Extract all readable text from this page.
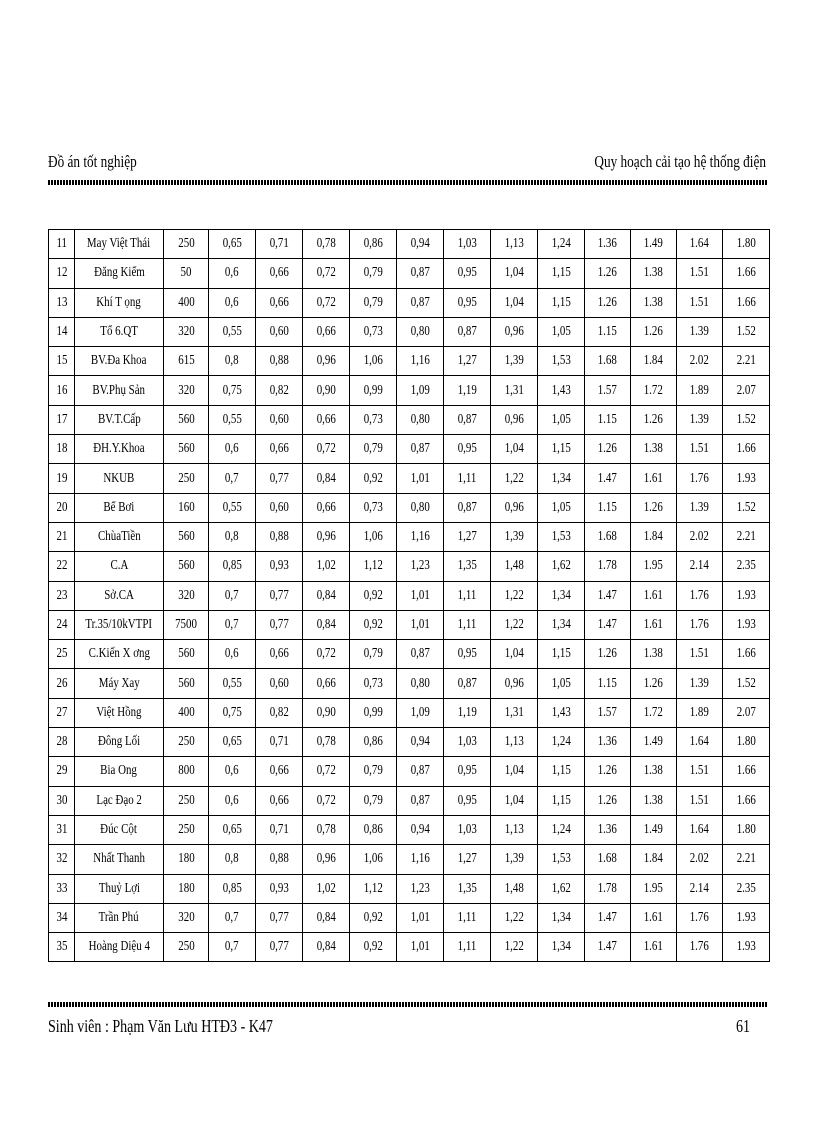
Đồ án tốt nghiệp	Quy hoạch cải tạo hệ thống điện
11	May Việt Thái	250	0,65	0,71	0,78	0,86	0,94	1,03	1,13	1,24	1.36	1.49	1.64	1.80
12	Đăng Kiểm	50	0,6	0,66	0,72	0,79	0,87	0,95	1,04	1,15	1.26	1.38	1.51	1.66
13	Khí T ọng	400	0,6	0,66	0,72	0,79	0,87	0,95	1,04	1,15	1.26	1.38	1.51	1.66
14	Tổ 6.QT	320	0,55	0,60	0,66	0,73	0,80	0,87	0,96	1,05	1.15	1.26	1.39	1.52
15	BV.Đa Khoa	615	0,8	0,88	0,96	1,06	1,16	1,27	1,39	1,53	1.68	1.84	2.02	2.21
16	BV.Phụ Sản	320	0,75	0,82	0,90	0,99	1,09	1,19	1,31	1,43	1.57	1.72	1.89	2.07
17	BV.T.Cấp	560	0,55	0,60	0,66	0,73	0,80	0,87	0,96	1,05	1.15	1.26	1.39	1.52
18	ĐH.Y.Khoa	560	0,6	0,66	0,72	0,79	0,87	0,95	1,04	1,15	1.26	1.38	1.51	1.66
19	NKUB	250	0,7	0,77	0,84	0,92	1,01	1,11	1,22	1,34	1.47	1.61	1.76	1.93
20	Bể Bơi	160	0,55	0,60	0,66	0,73	0,80	0,87	0,96	1,05	1.15	1.26	1.39	1.52
21	ChùaTiền	560	0,8	0,88	0,96	1,06	1,16	1,27	1,39	1,53	1.68	1.84	2.02	2.21
22	C.A	560	0,85	0,93	1,02	1,12	1,23	1,35	1,48	1,62	1.78	1.95	2.14	2.35
23	Sở.CA	320	0,7	0,77	0,84	0,92	1,01	1,11	1,22	1,34	1.47	1.61	1.76	1.93
24	Tr.35/10kVTPI	7500	0,7	0,77	0,84	0,92	1,01	1,11	1,22	1,34	1.47	1.61	1.76	1.93
25	C.Kiến X ơng	560	0,6	0,66	0,72	0,79	0,87	0,95	1,04	1,15	1.26	1.38	1.51	1.66
26	Máy Xay	560	0,55	0,60	0,66	0,73	0,80	0,87	0,96	1,05	1.15	1.26	1.39	1.52
27	Việt Hồng	400	0,75	0,82	0,90	0,99	1,09	1,19	1,31	1,43	1.57	1.72	1.89	2.07
28	Đông Lối	250	0,65	0,71	0,78	0,86	0,94	1,03	1,13	1,24	1.36	1.49	1.64	1.80
29	Bia Ong	800	0,6	0,66	0,72	0,79	0,87	0,95	1,04	1,15	1.26	1.38	1.51	1.66
30	Lạc Đạo 2	250	0,6	0,66	0,72	0,79	0,87	0,95	1,04	1,15	1.26	1.38	1.51	1.66
31	Đúc Cột	250	0,65	0,71	0,78	0,86	0,94	1,03	1,13	1,24	1.36	1.49	1.64	1.80
32	Nhất Thanh	180	0,8	0,88	0,96	1,06	1,16	1,27	1,39	1,53	1.68	1.84	2.02	2.21
33	Thuỷ Lợi	180	0,85	0,93	1,02	1,12	1,23	1,35	1,48	1,62	1.78	1.95	2.14	2.35
34	Trần Phú	320	0,7	0,77	0,84	0,92	1,01	1,11	1,22	1,34	1.47	1.61	1.76	1.93
35	Hoàng Diệu 4	250	0,7	0,77	0,84	0,92	1,01	1,11	1,22	1,34	1.47	1.61	1.76	1.93
Sinh viên : Phạm Văn Lưu HTĐ3 - K47	61
